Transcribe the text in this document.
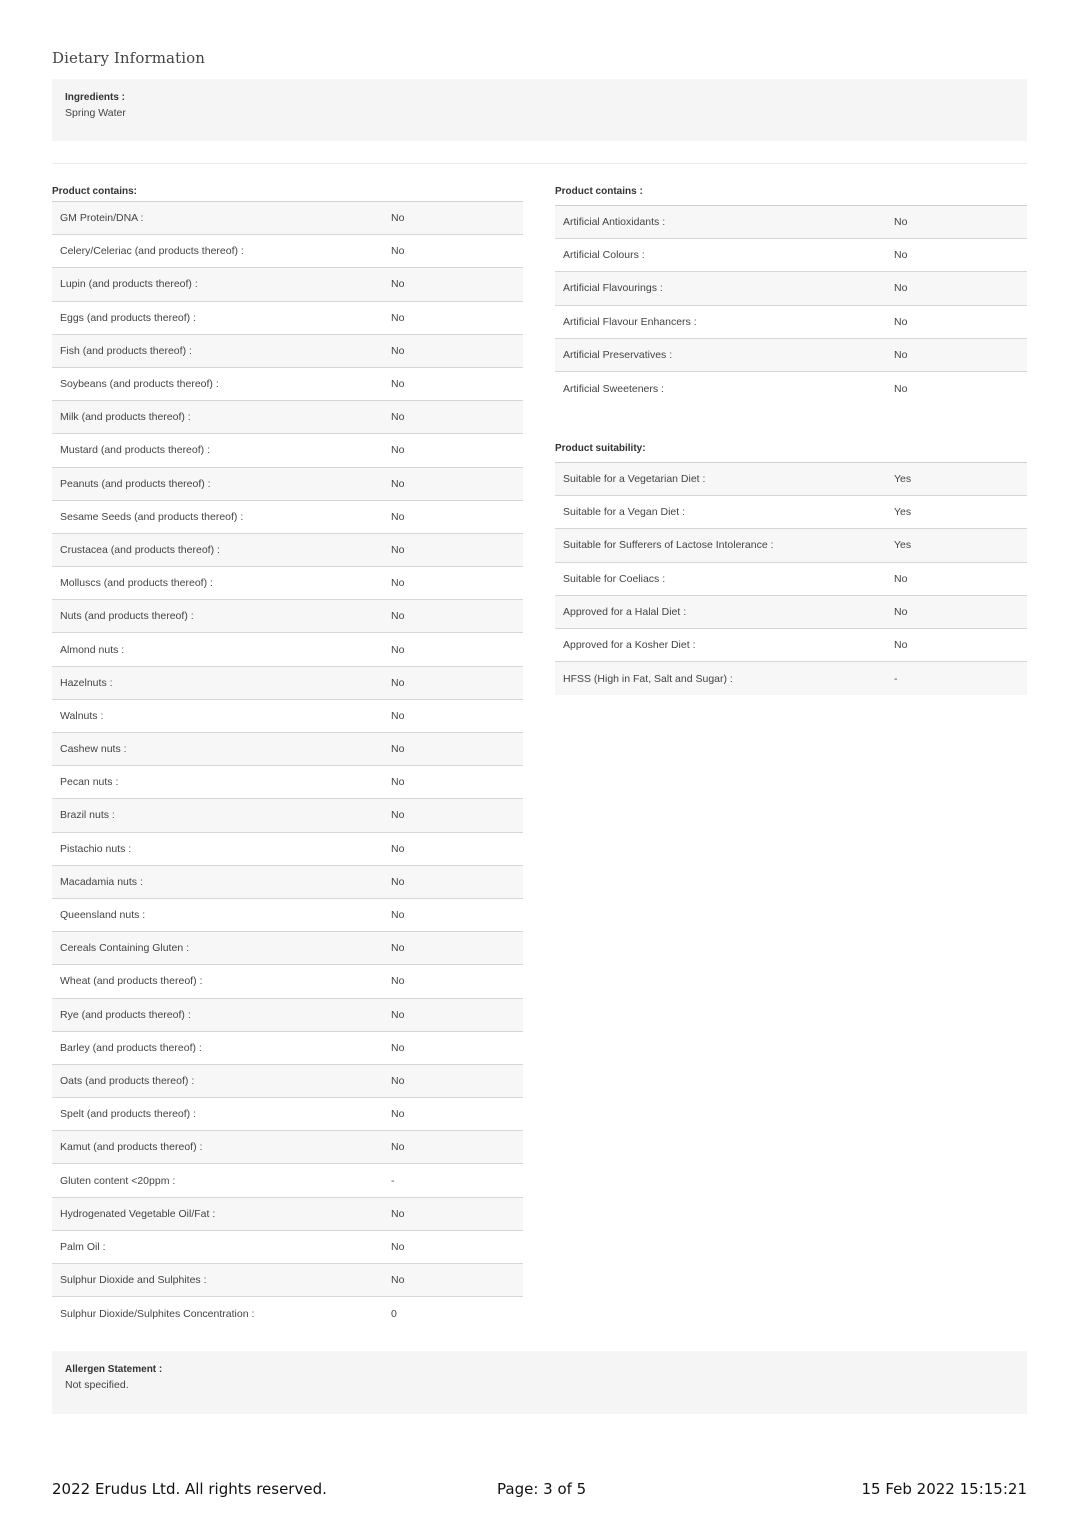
Dietary Information
Ingredients :
Spring Water
Product contains:
GM Protein/DNA :	No
Celery/Celeriac (and products thereof) :	No
Lupin (and products thereof) :	No
Eggs (and products thereof) :	No
Fish (and products thereof) :	No
Soybeans (and products thereof) :	No
Milk (and products thereof) :	No
Mustard (and products thereof) :	No
Peanuts (and products thereof) :	No
Sesame Seeds (and products thereof) :	No
Crustacea (and products thereof) :	No
Molluscs (and products thereof) :	No
Nuts (and products thereof) :	No
Almond nuts :	No
Hazelnuts :	No
Walnuts :	No
Cashew nuts :	No
Pecan nuts :	No
Brazil nuts :	No
Pistachio nuts :	No
Macadamia nuts :	No
Queensland nuts :	No
Cereals Containing Gluten :	No
Wheat (and products thereof) :	No
Rye (and products thereof) :	No
Barley (and products thereof) :	No
Oats (and products thereof) :	No
Spelt (and products thereof) :	No
Kamut (and products thereof) :	No
Gluten content <20ppm :	-
Hydrogenated Vegetable Oil/Fat :	No
Palm Oil :	No
Sulphur Dioxide and Sulphites :	No
Sulphur Dioxide/Sulphites Concentration :	0
Product contains :
Artificial Antioxidants :	No
Artificial Colours :	No
Artificial Flavourings :	No
Artificial Flavour Enhancers :	No
Artificial Preservatives :	No
Artificial Sweeteners :	No
Product suitability:
Suitable for a Vegetarian Diet :	Yes
Suitable for a Vegan Diet :	Yes
Suitable for Sufferers of Lactose Intolerance :	Yes
Suitable for Coeliacs :	No
Approved for a Halal Diet :	No
Approved for a Kosher Diet :	No
HFSS (High in Fat, Salt and Sugar) :	-
Allergen Statement :
Not specified.
2022 Erudus Ltd. All rights reserved.	Page: 3 of 5	15 Feb 2022 15:15:21
